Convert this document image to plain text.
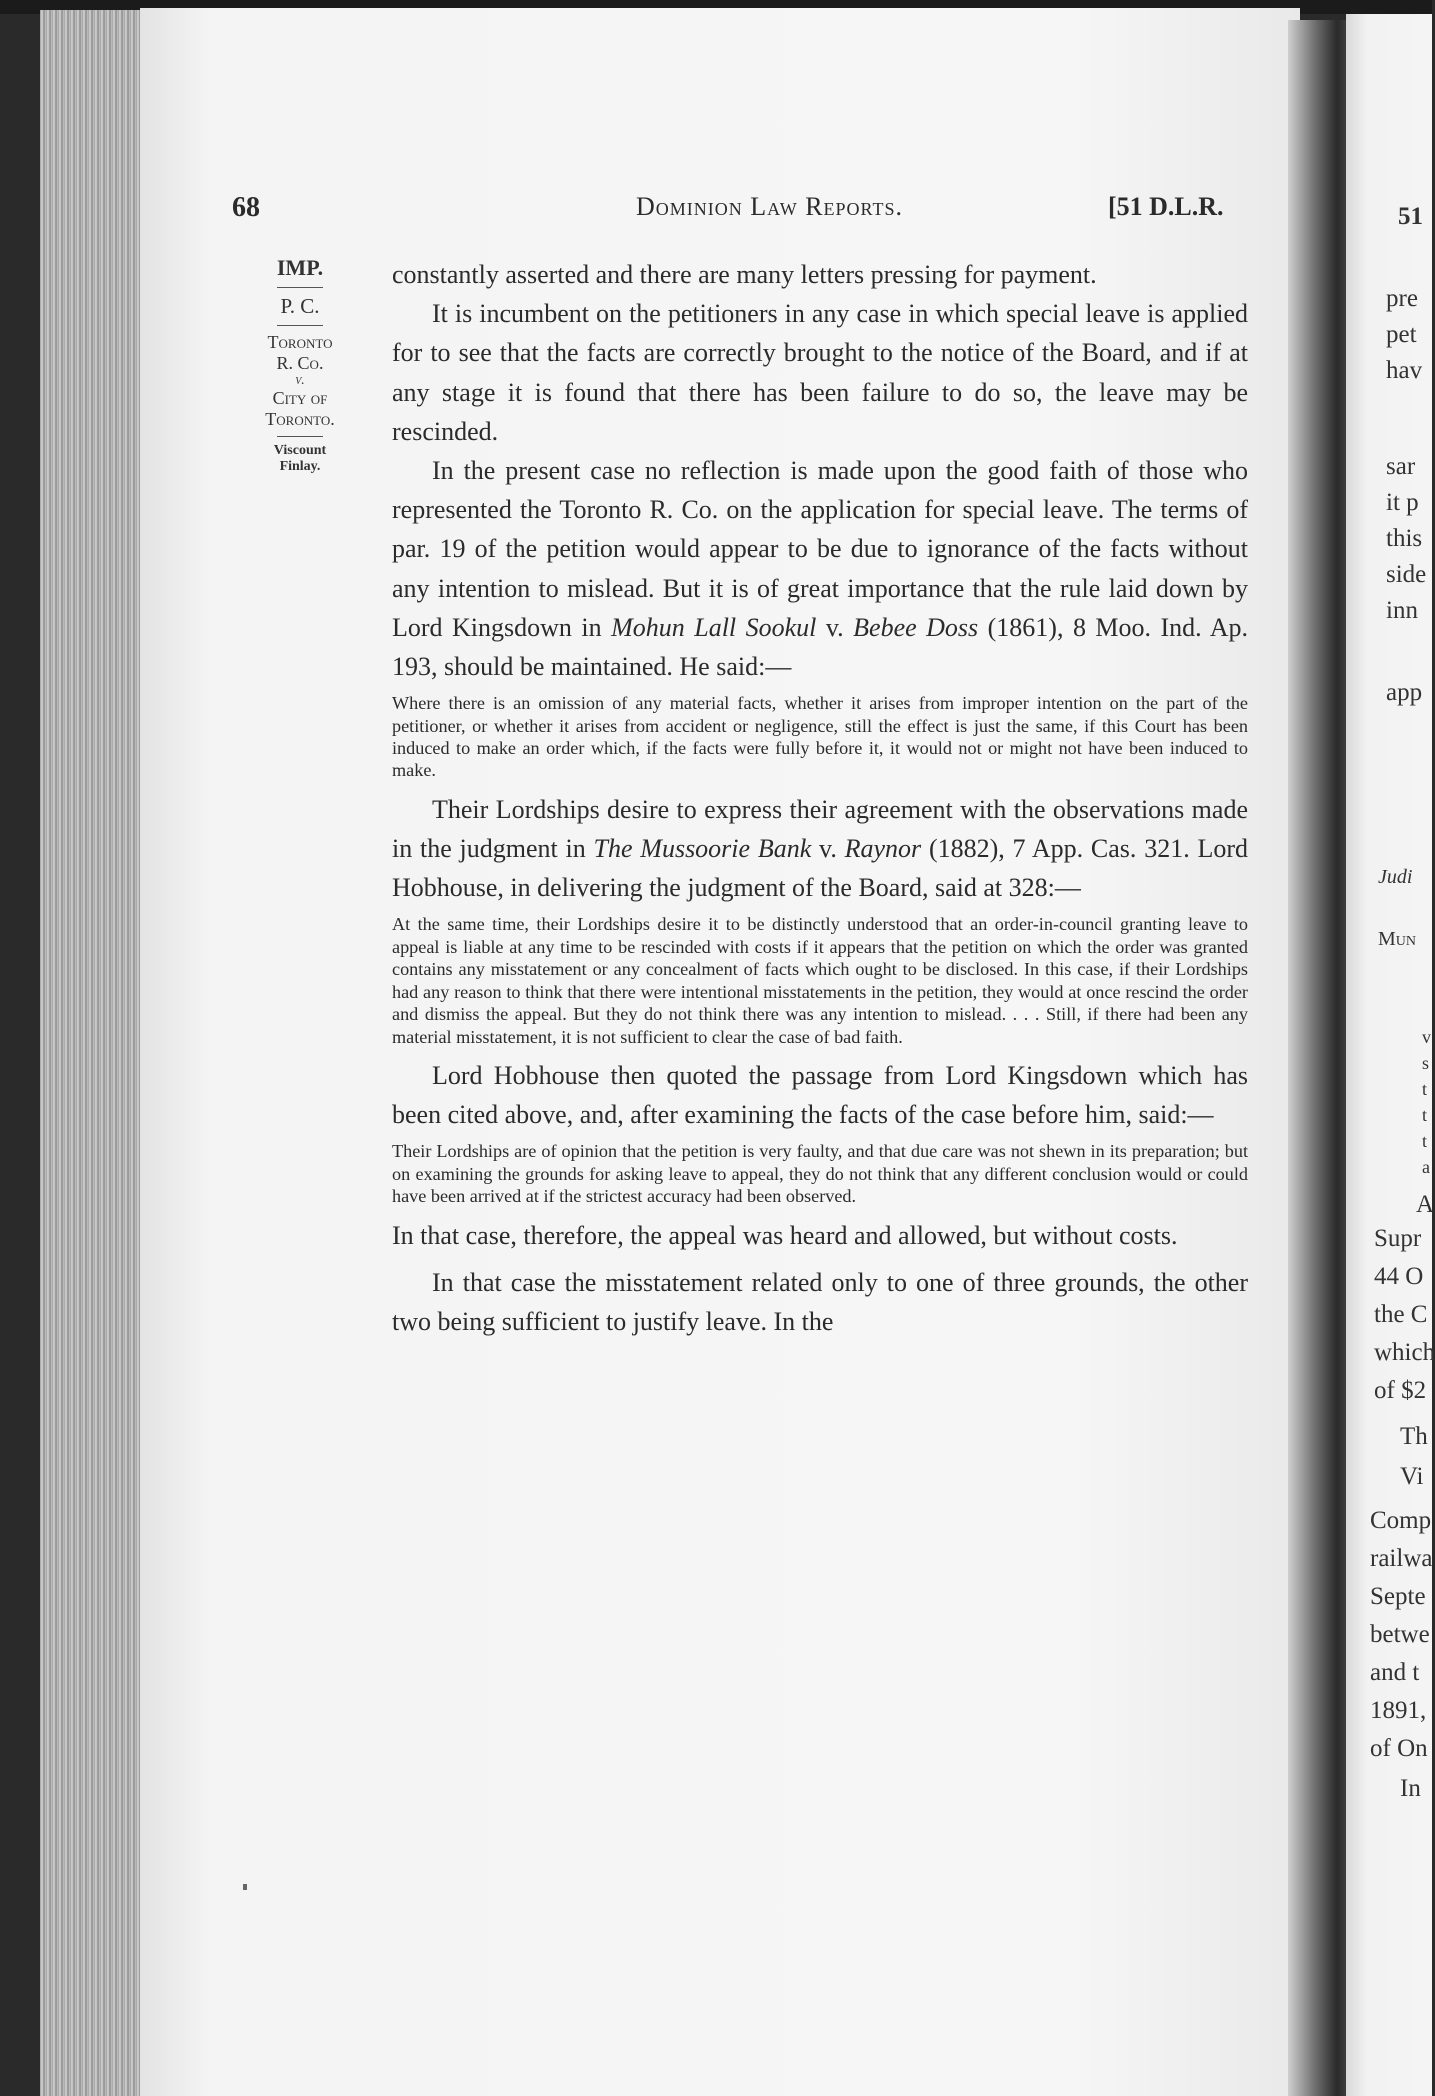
51
pre
pet
hav
sar
it p
this
side
inn
app
Judi
Mun
v
s
t
t
t
a
A
Supr
44 O
the C
which
of $2
Th
Vi
Comp
railwa
Septe
betwe
and t
1891,
of On
In
68	Dominion Law Reports.	[51 D.L.R.
IMP.
P. C.
Toronto
R. Co.
v.
City of
Toronto.
Viscount
Finlay.

constantly asserted and there are many letters pressing for payment.

It is incumbent on the petitioners in any case in which special leave is applied for to see that the facts are correctly brought to the notice of the Board, and if at any stage it is found that there has been failure to do so, the leave may be rescinded.

In the present case no reflection is made upon the good faith of those who represented the Toronto R. Co. on the application for special leave. The terms of par. 19 of the petition would appear to be due to ignorance of the facts without any intention to mislead. But it is of great importance that the rule laid down by Lord Kingsdown in Mohun Lall Sookul v. Bebee Doss (1861), 8 Moo. Ind. Ap. 193, should be maintained. He said:—

Where there is an omission of any material facts, whether it arises from improper intention on the part of the petitioner, or whether it arises from accident or negligence, still the effect is just the same, if this Court has been induced to make an order which, if the facts were fully before it, it would not or might not have been induced to make.

Their Lordships desire to express their agreement with the observations made in the judgment in The Mussoorie Bank v. Raynor (1882), 7 App. Cas. 321. Lord Hobhouse, in delivering the judgment of the Board, said at 328:—

At the same time, their Lordships desire it to be distinctly understood that an order-in-council granting leave to appeal is liable at any time to be rescinded with costs if it appears that the petition on which the order was granted contains any misstatement or any concealment of facts which ought to be disclosed. In this case, if their Lordships had any reason to think that there were intentional misstatements in the petition, they would at once rescind the order and dismiss the appeal. But they do not think there was any intention to mislead. . . . Still, if there had been any material misstatement, it is not sufficient to clear the case of bad faith.

Lord Hobhouse then quoted the passage from Lord Kingsdown which has been cited above, and, after examining the facts of the case before him, said:—

Their Lordships are of opinion that the petition is very faulty, and that due care was not shewn in its preparation; but on examining the grounds for asking leave to appeal, they do not think that any different conclusion would or could have been arrived at if the strictest accuracy had been observed.

In that case, therefore, the appeal was heard and allowed, but without costs.

In that case the misstatement related only to one of three grounds, the other two being sufficient to justify leave. In the
